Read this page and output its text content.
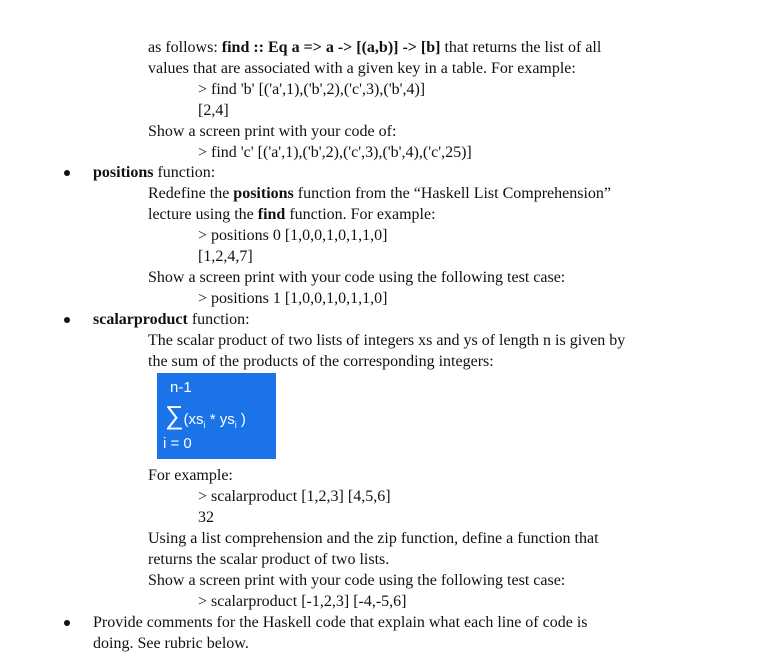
as follows: find :: Eq a => a -> [(a,b)] -> [b] that returns the list of all
values that are associated with a given key in a table. For example:
> find 'b' [('a',1),('b',2),('c',3),('b',4)]
[2,4]
Show a screen print with your code of:
> find 'c' [('a',1),('b',2),('c',3),('b',4),('c',25)]
positions function:
Redefine the positions function from the “Haskell List Comprehension”
lecture using the find function. For example:
> positions 0 [1,0,0,1,0,1,1,0]
[1,2,4,7]
Show a screen print with your code using the following test case:
> positions 1 [1,0,0,1,0,1,1,0]
scalarproduct function:
The scalar product of two lists of integers xs and ys of length n is given by
the sum of the products of the corresponding integers:
n-1
$\sum(xs_i * ys_i$ )
i = 0
For example:
> scalarproduct [1,2,3] [4,5,6]
32
Using a list comprehension and the zip function, define a function that
returns the scalar product of two lists.
Show a screen print with your code using the following test case:
> scalarproduct [-1,2,3] [-4,-5,6]
Provide comments for the Haskell code that explain what each line of code is
doing. See rubric below.
